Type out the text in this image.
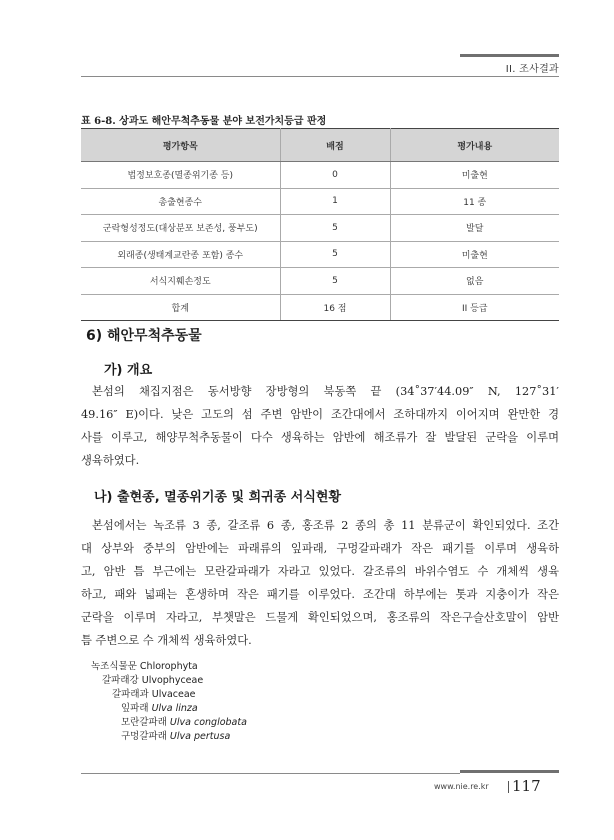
II. 조사결과
표 6-8. 상과도 해안무척추동물 분야 보전가치등급 판정
평가항목	배점	평가내용
법정보호종(멸종위기종 등)	0	미출현
총출현종수	1	11 종
군락형성정도(대상분포 보존성, 풍부도)	5	발달
외래종(생태계교란종 포함) 종수	5	미출현
서식지훼손정도	5	없음
합계	16 점	II 등급
6) 해안무척추동물
가) 개요
본섬의 채집지점은 동서방향 장방형의 북동쪽 끝 (34˚37′44.09″ N, 127˚31′
49.16″ E)이다. 낮은 고도의 섬 주변 암반이 조간대에서 조하대까지 이어지며 완만한 경
사를 이루고, 해양무척추동물이 다수 생육하는 암반에 해조류가 잘 발달된 군락을 이루며
생육하였다.
나) 출현종, 멸종위기종 및 희귀종 서식현황
본섬에서는 녹조류 3 종, 갈조류 6 종, 홍조류 2 종의 총 11 분류군이 확인되었다. 조간
대 상부와 중부의 암반에는 파래류의 잎파래, 구멍갈파래가 작은 패기를 이루며 생육하
고, 암반 틈 부근에는 모란갈파래가 자라고 있었다. 갈조류의 바위수염도 수 개체씩 생육
하고, 패와 넓패는 혼생하며 작은 패기를 이루었다. 조간대 하부에는 톳과 지충이가 작은
군락을 이루며 자라고, 부챗말은 드물게 확인되었으며, 홍조류의 작은구슬산호말이 암반
틈 주변으로 수 개체씩 생육하였다.
녹조식물문 Chlorophyta
갈파래강 Ulvophyceae
갈파래과 Ulvaceae
잎파래 Ulva linza
모란갈파래 Ulva conglobata
구멍갈파래 Ulva pertusa
www.nie.re.kr 117
